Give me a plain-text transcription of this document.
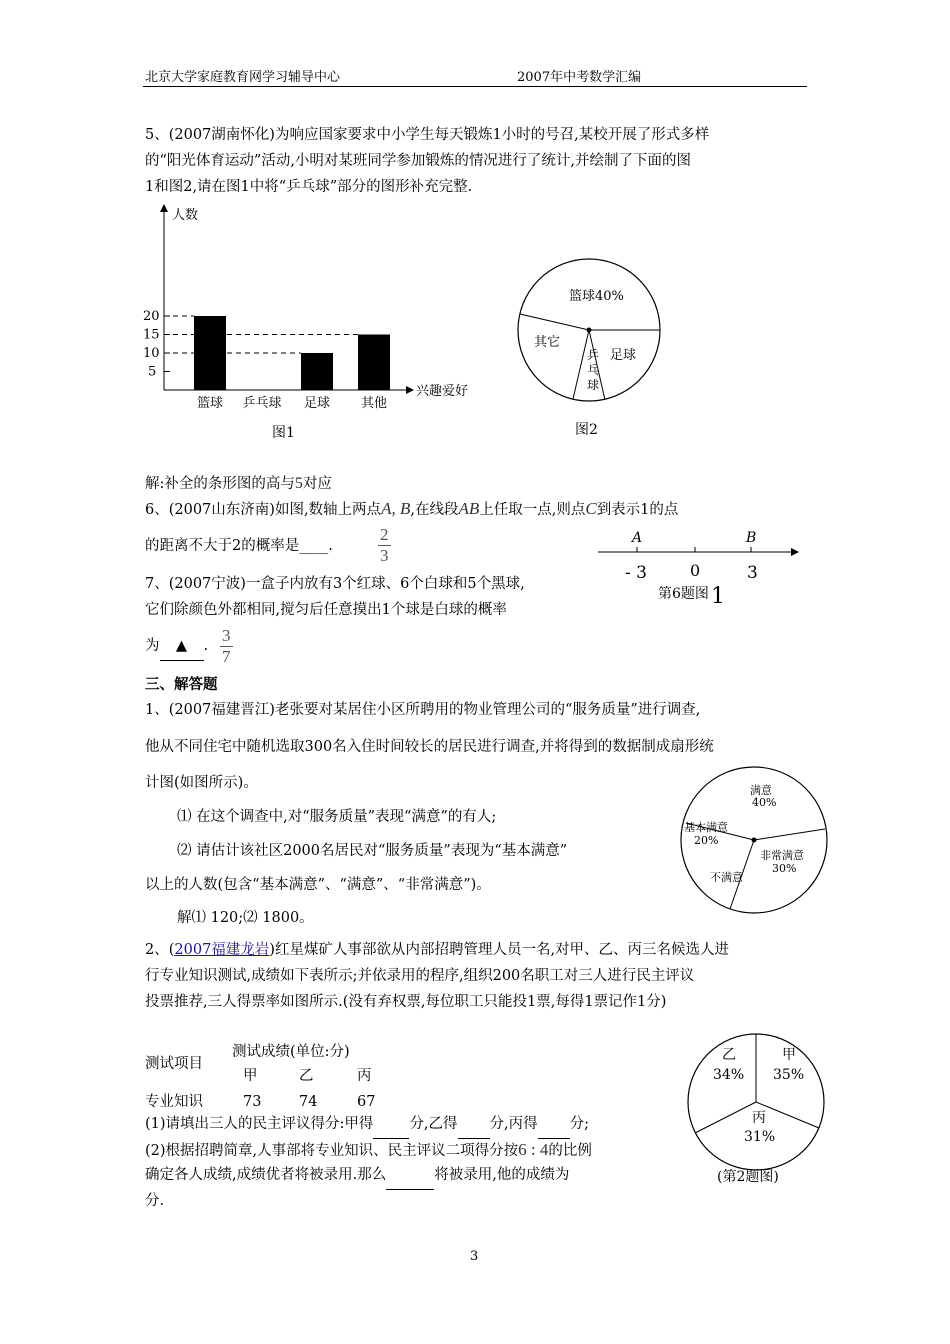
北京大学家庭教育网学习辅导中心	2007年中考数学汇编
5、(2007湖南怀化)为响应国家要求中小学生每天锻炼1小时的号召,某校开展了形式多样
的“阳光体育运动”活动,小明对某班同学参加锻炼的情况进行了统计,并绘制了下面的图
1和图2,请在图1中将“乒乓球”部分的图形补充完整.
人数
兴趣爱好
5
10
15
20
篮球 乒乓球 足球 其他
图1
篮球40%
足球
其它
乒乓球
图2
解:补全的条形图的高与5对应
6、(2007山东济南)如图,数轴上两点A, B,在线段AB上任取一点,则点C到表示1的点
的距离不大于2的概率是____.	$\frac{2}{3}$	A	B
- 3	0	3
第6题图 1
7、(2007宁波)一盒子内放有3个红球、6个白球和5个黑球,
它们除颜色外都相同,搅匀后任意摸出1个球是白球的概率
为 ▲ . $\frac{3}{7}$
三、解答题
1、(2007福建晋江)老张要对某居住小区所聘用的物业管理公司的“服务质量”进行调查,
他从不同住宅中随机选取300名入住时间较长的居民进行调查,并将得到的数据制成扇形统
计图(如图所示)。
⑴ 在这个调查中,对“服务质量”表现“满意”的有人;
⑵ 请估计该社区2000名居民对“服务质量”表现为“基本满意”
以上的人数(包含“基本满意”、“满意”、“非常满意”)。
解⑴ 120;⑵ 1800。
满意
40%
基本满意
20%
非常满意
30%
不满意
2、(2007福建龙岩)红星煤矿人事部欲从内部招聘管理人员一名,对甲、乙、丙三名候选人进
行专业知识测试,成绩如下表所示;并依录用的程序,组织200名职工对三人进行民主评议
投票推荐,三人得票率如图所示.(没有弃权票,每位职工只能投1票,每得1票记作1分)
测试项目
测试成绩(单位:分)
甲	乙	丙
专业知识	73	74	67
(1)请填出三人的民主评议得分:甲得 分,乙得 分,丙得 分;
(2)根据招聘简章,人事部将专业知识、民主评议二项得分按6 : 4的比例
确定各人成绩,成绩优者将被录用.那么	将被录用,他的成绩为
分.
甲
35%
乙
34%
丙
31%
(第2题图)
3
